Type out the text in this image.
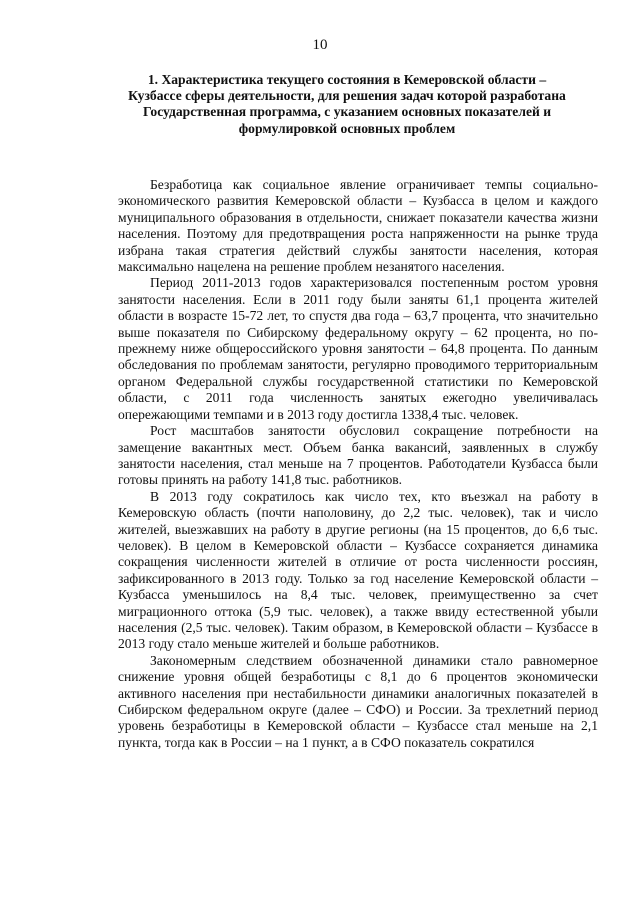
10
1. Характеристика текущего состояния в Кемеровской области –
Кузбассе сферы деятельности, для решения задач которой разработана
Государственная программа, с указанием основных показателей и
формулировкой основных проблем

Безработица как социальное явление ограничивает темпы социально-экономического развития Кемеровской области – Кузбасса в целом и каждого муниципального образования в отдельности, снижает показатели качества жизни населения. Поэтому для предотвращения роста напряженности на рынке труда избрана такая стратегия действий службы занятости населения, которая максимально нацелена на решение проблем незанятого населения.

Период 2011-2013 годов характеризовался постепенным ростом уровня занятости населения. Если в 2011 году были заняты 61,1 процента жителей области в возрасте 15-72 лет, то спустя два года – 63,7 процента, что значительно выше показателя по Сибирскому федеральному округу – 62 процента, но по-прежнему ниже общероссийского уровня занятости – 64,8 процента. По данным обследования по проблемам занятости, регулярно проводимого территориальным органом Федеральной службы государственной статистики по Кемеровской области, с 2011 года численность занятых ежегодно увеличивалась опережающими темпами и в 2013 году достигла 1338,4 тыс. человек.

Рост масштабов занятости обусловил сокращение потребности на замещение вакантных мест. Объем банка вакансий, заявленных в службу занятости населения, стал меньше на 7 процентов. Работодатели Кузбасса были готовы принять на работу 141,8 тыс. работников.

В 2013 году сократилось как число тех, кто въезжал на работу в Кемеровскую область (почти наполовину, до 2,2 тыс. человек), так и число жителей, выезжавших на работу в другие регионы (на 15 процентов, до 6,6 тыс. человек). В целом в Кемеровской области – Кузбассе сохраняется динамика сокращения численности жителей в отличие от роста численности россиян, зафиксированного в 2013 году. Только за год население Кемеровской области – Кузбасса уменьшилось на 8,4 тыс. человек, преимущественно за счет миграционного оттока (5,9 тыс. человек), а также ввиду естественной убыли населения (2,5 тыс. человек). Таким образом, в Кемеровской области – Кузбассе в 2013 году стало меньше жителей и больше работников.

Закономерным следствием обозначенной динамики стало равномерное снижение уровня общей безработицы с 8,1 до 6 процентов экономически активного населения при нестабильности динамики аналогичных показателей в Сибирском федеральном округе (далее – СФО) и России. За трехлетний период уровень безработицы в Кемеровской области – Кузбассе стал меньше на 2,1 пункта, тогда как в России – на 1 пункт, а в СФО показатель сократился
